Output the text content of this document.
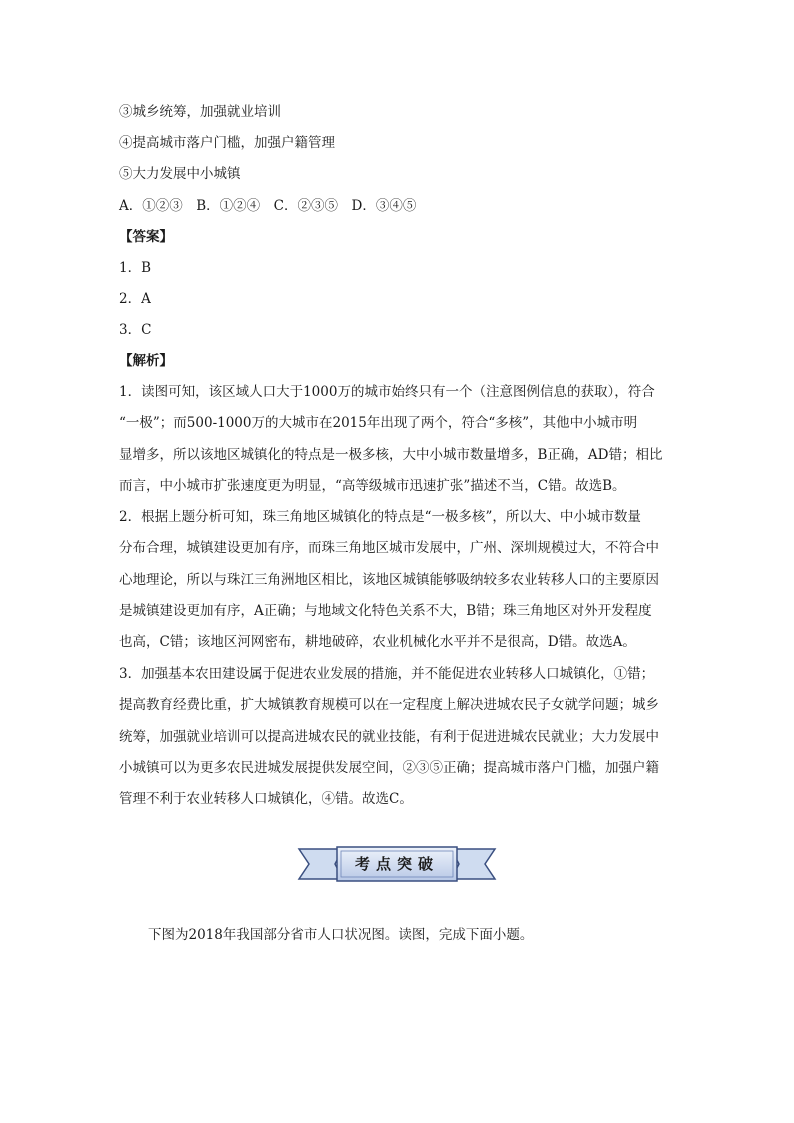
③城乡统筹，加强就业培训
④提高城市落户门槛，加强户籍管理
⑤大力发展中小城镇
A．①②③　B．①②④　C．②③⑤　D．③④⑤
【答案】
1．B
2．A
3．C
【解析】
1．读图可知，该区域人口大于1000万的城市始终只有一个（注意图例信息的获取），符合
“一极”；而500-1000万的大城市在2015年出现了两个，符合“多核”，其他中小城市明
显增多，所以该地区城镇化的特点是一极多核，大中小城市数量增多，B正确，AD错；相比
而言，中小城市扩张速度更为明显，“高等级城市迅速扩张”描述不当，C错。故选B。
2．根据上题分析可知，珠三角地区城镇化的特点是“一极多核”，所以大、中小城市数量
分布合理，城镇建设更加有序，而珠三角地区城市发展中，广州、深圳规模过大，不符合中
心地理论，所以与珠江三角洲地区相比，该地区城镇能够吸纳较多农业转移人口的主要原因
是城镇建设更加有序，A正确；与地域文化特色关系不大，B错；珠三角地区对外开发程度
也高，C错；该地区河网密布，耕地破碎，农业机械化水平并不是很高，D错。故选A。
3．加强基本农田建设属于促进农业发展的措施，并不能促进农业转移人口城镇化，①错；
提高教育经费比重，扩大城镇教育规模可以在一定程度上解决进城农民子女就学问题；城乡
统筹，加强就业培训可以提高进城农民的就业技能，有利于促进进城农民就业；大力发展中
小城镇可以为更多农民进城发展提供发展空间，②③⑤正确；提高城市落户门槛，加强户籍
管理不利于农业转移人口城镇化，④错。故选C。
考点突破
下图为2018年我国部分省市人口状况图。读图，完成下面小题。
